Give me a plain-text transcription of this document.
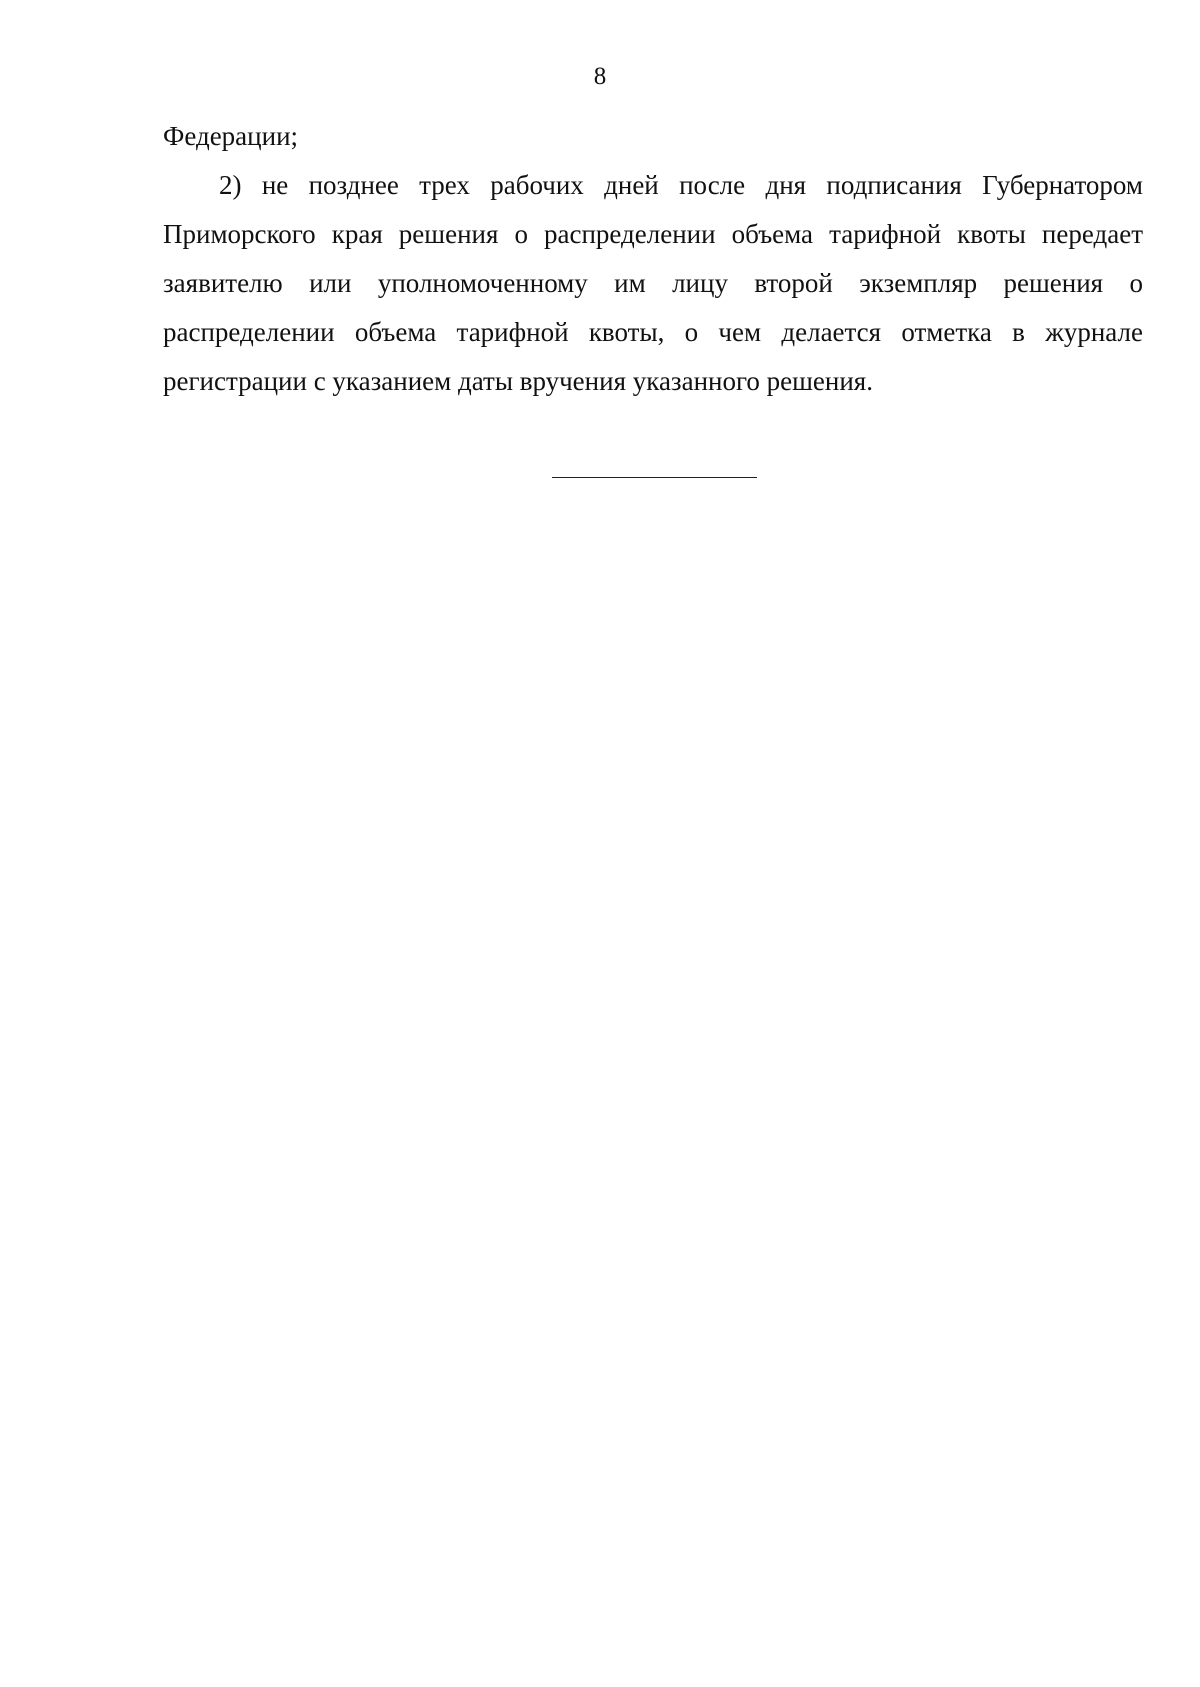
8

Федерации;

2) не позднее трех рабочих дней после дня подписания Губернатором Приморского края решения о распределении объема тарифной квоты передает заявителю или уполномоченному им лицу второй экземпляр решения о распределении объема тарифной квоты, о чем делается отметка в журнале регистрации с указанием даты вручения указанного решения.
